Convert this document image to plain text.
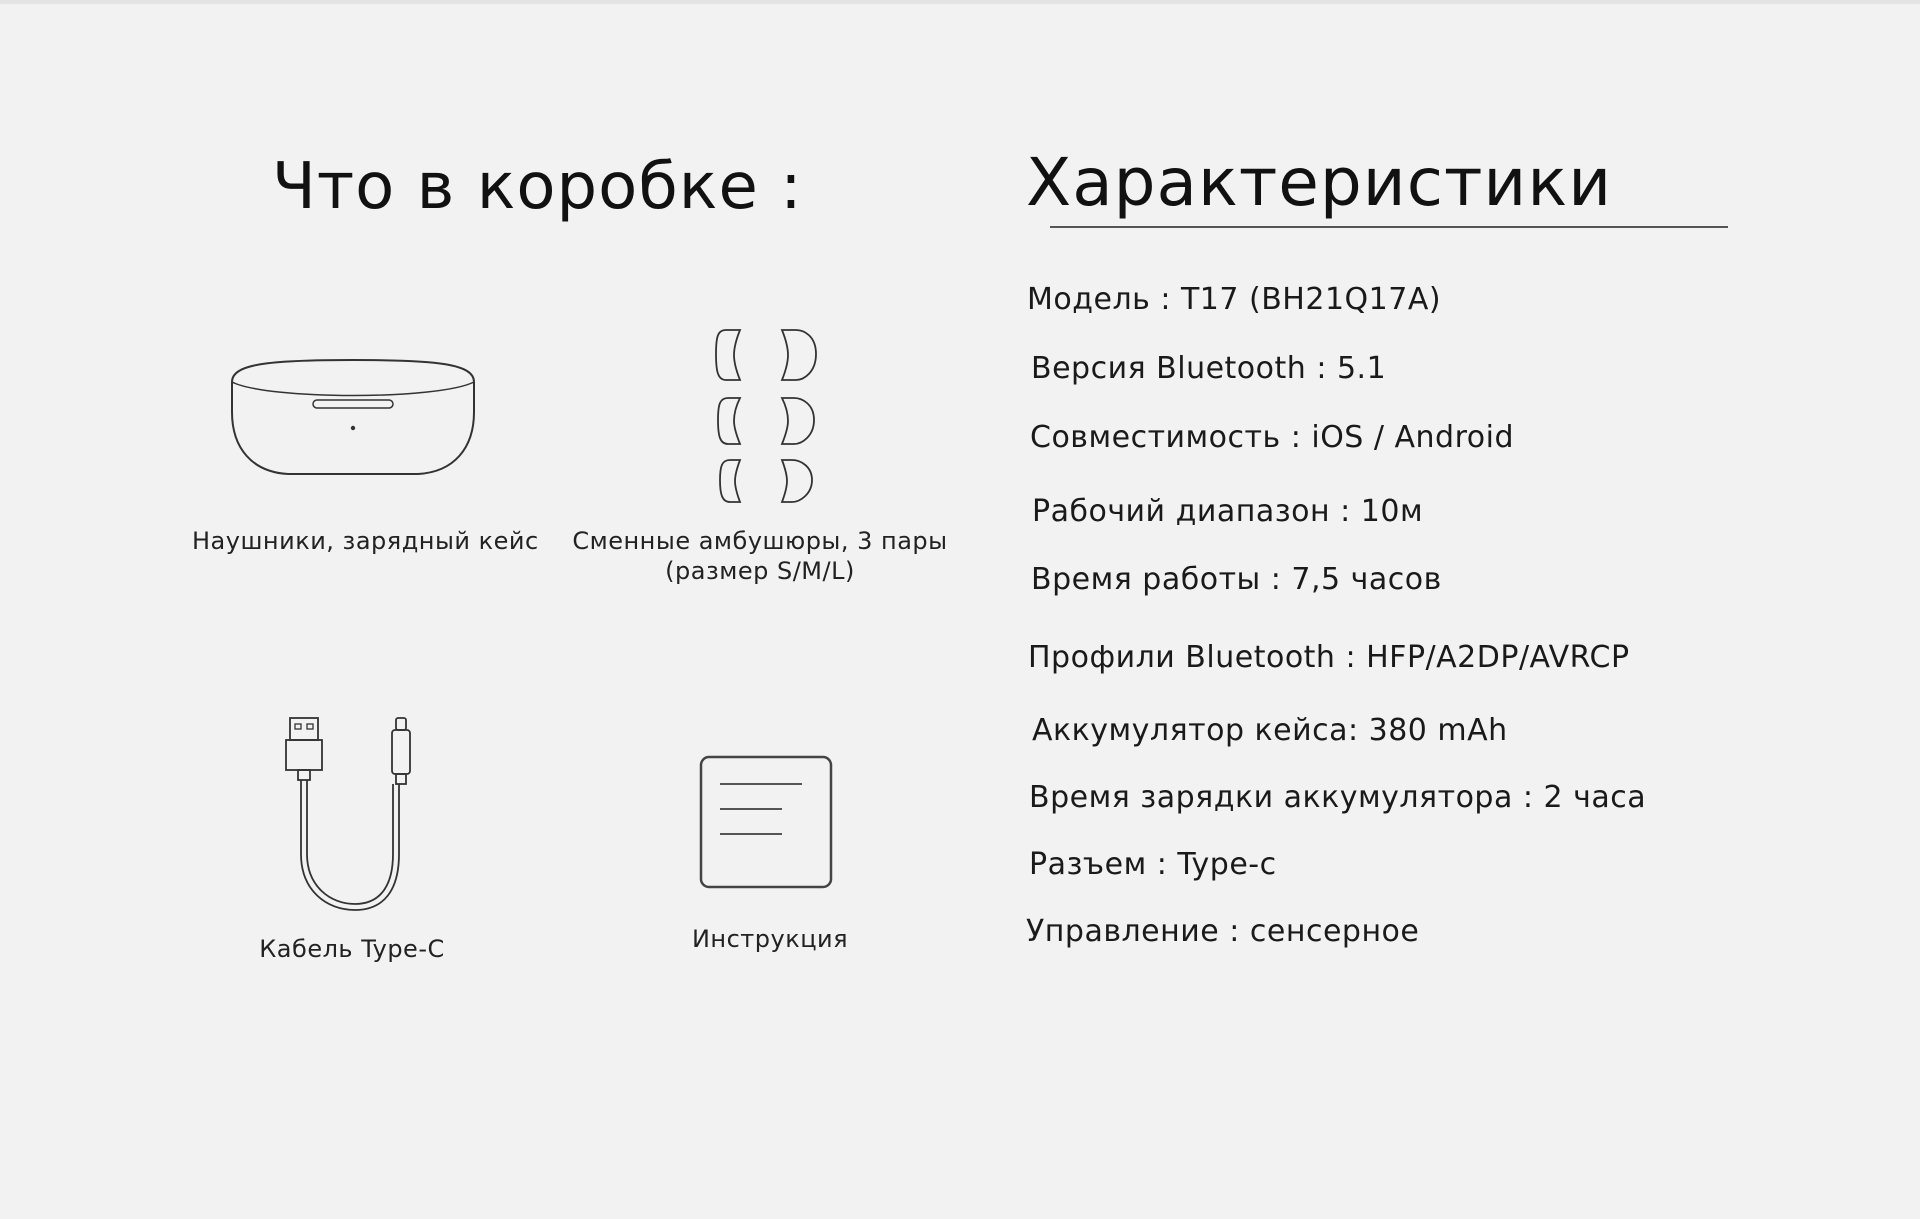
Что в коробке :
Наушники, зарядный кейс	Сменные амбушюры, 3 пары
(размер S/M/L)
Кабель Type-C	Инструкция
Характеристики
Модель : T17 (BH21Q17A)
Версия Bluetooth : 5.1
Совместимость : iOS / Android
Рабочий диапазон : 10м
Время работы : 7,5 часов
Профили Bluetooth : HFP/A2DP/AVRCP
Аккумулятор кейса: 380 mAh
Время зарядки аккумулятора : 2 часа
Разъем : Type-c
Управление : сенсерное
